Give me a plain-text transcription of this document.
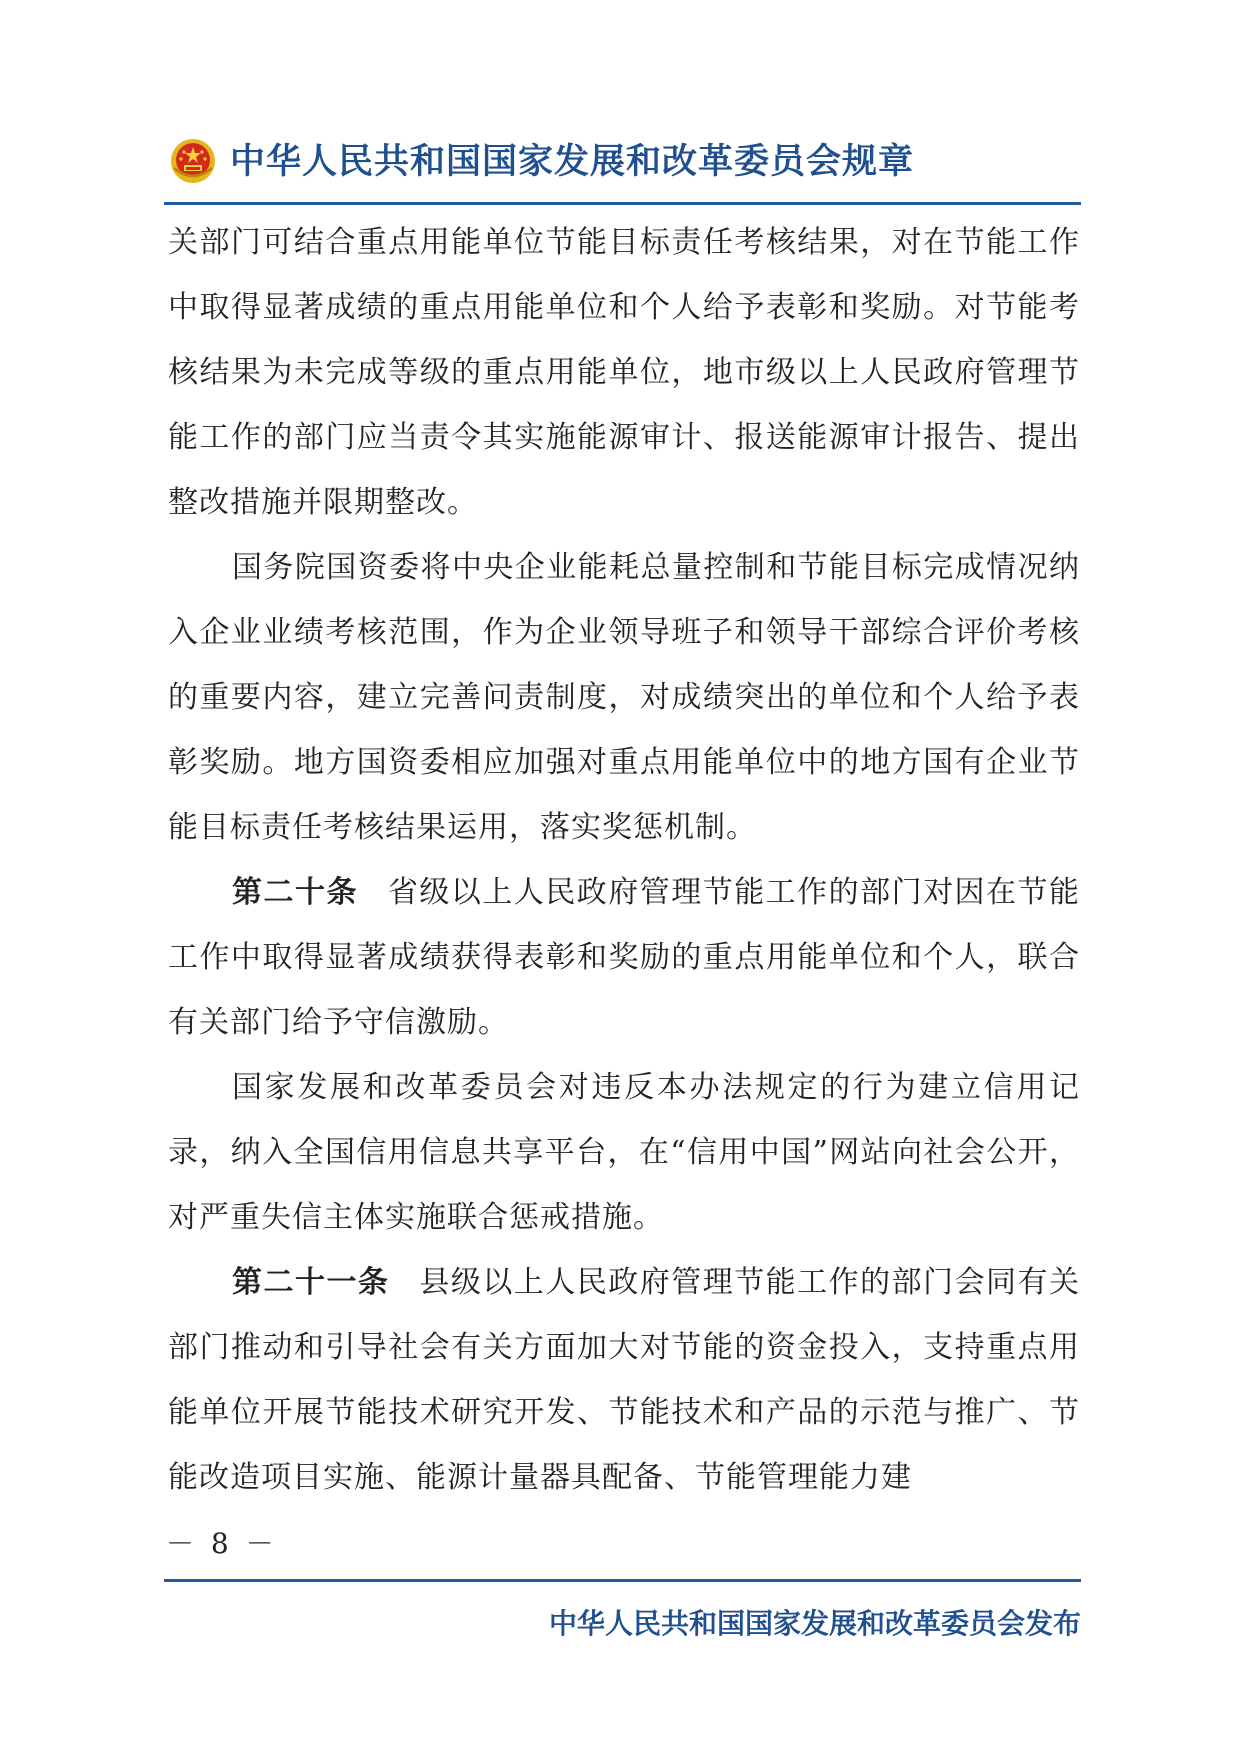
中华人民共和国国家发展和改革委员会规章

关部门可结合重点用能单位节能目标责任考核结果，对在节能工作中取得显著成绩的重点用能单位和个人给予表彰和奖励。对节能考核结果为未完成等级的重点用能单位，地市级以上人民政府管理节能工作的部门应当责令其实施能源审计、报送能源审计报告、提出整改措施并限期整改。

国务院国资委将中央企业能耗总量控制和节能目标完成情况纳入企业业绩考核范围，作为企业领导班子和领导干部综合评价考核的重要内容，建立完善问责制度，对成绩突出的单位和个人给予表彰奖励。地方国资委相应加强对重点用能单位中的地方国有企业节能目标责任考核结果运用，落实奖惩机制。

第二十条 省级以上人民政府管理节能工作的部门对因在节能工作中取得显著成绩获得表彰和奖励的重点用能单位和个人，联合有关部门给予守信激励。

国家发展和改革委员会对违反本办法规定的行为建立信用记录，纳入全国信用信息共享平台，在“信用中国”网站向社会公开，对严重失信主体实施联合惩戒措施。

第二十一条 县级以上人民政府管理节能工作的部门会同有关部门推动和引导社会有关方面加大对节能的资金投入，支持重点用能单位开展节能技术研究开发、节能技术和产品的示范与推广、节能改造项目实施、能源计量器具配备、节能管理能力建

－ 8 －
中华人民共和国国家发展和改革委员会发布
